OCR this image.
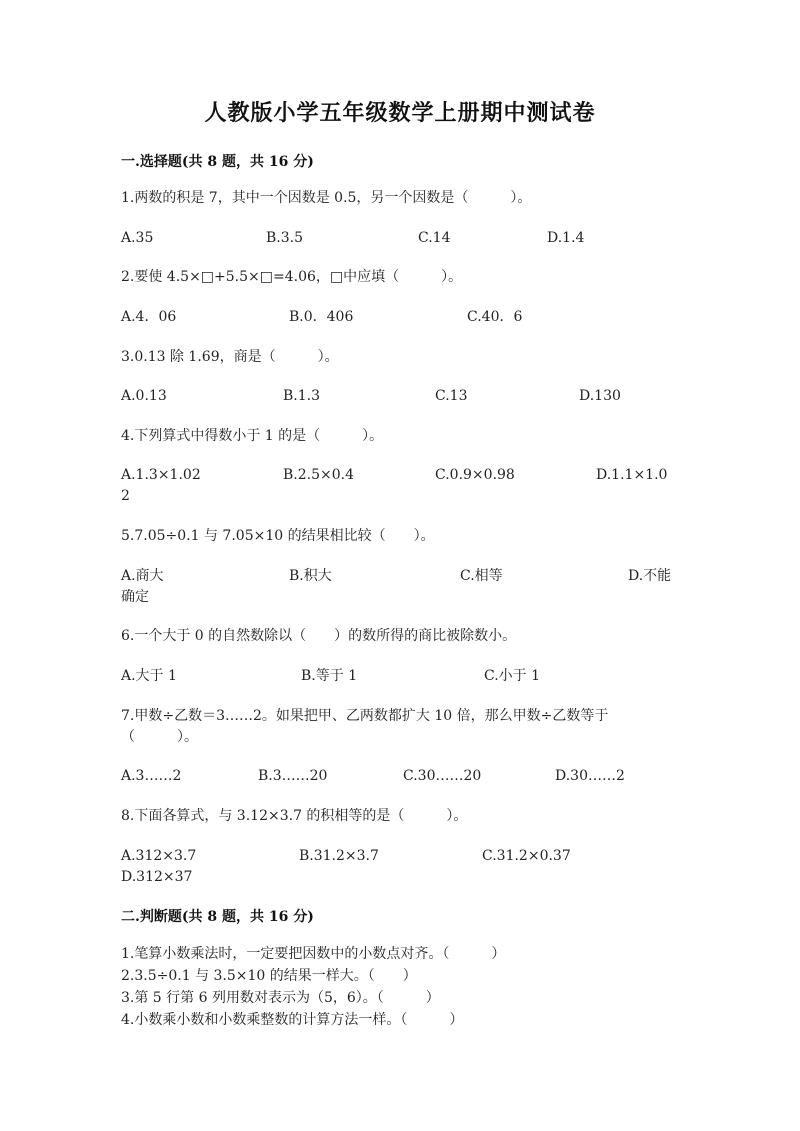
人教版小学五年级数学上册期中测试卷
一.选择题(共 8 题，共 16 分)
1.两数的积是 7，其中一个因数是 0.5，另一个因数是（　　　）。
A.35	B.3.5	C.14	D.1.4
2.要使 4.5×□+5.5×□=4.06，□中应填（　　　）。
A.4．06	B.0．406	C.40．6
3.0.13 除 1.69，商是（　　　）。
A.0.13	B.1.3	C.13	D.130
4.下列算式中得数小于 1 的是（　　　）。
A.1.3×1.02	B.2.5×0.4	C.0.9×0.98	D.1.1×1.0
2
5.7.05÷0.1 与 7.05×10 的结果相比较（　　）。
A.商大	B.积大	C.相等	D.不能
确定
6.一个大于 0 的自然数除以（　　）的数所得的商比被除数小。
A.大于 1	B.等于 1	C.小于 1
7.甲数÷乙数＝3……2。如果把甲、乙两数都扩大 10 倍，那么甲数÷乙数等于
（　　　）。
A.3……2	B.3……20	C.30……20	D.30……2
8.下面各算式，与 3.12×3.7 的积相等的是（　　　）。
A.312×3.7	B.31.2×3.7	C.31.2×0.37
D.312×37
二.判断题(共 8 题，共 16 分)
1.笔算小数乘法时，一定要把因数中的小数点对齐。（　　　）
2.3.5÷0.1 与 3.5×10 的结果一样大。（　　）
3.第 5 行第 6 列用数对表示为（5，6）。（　　　）
4.小数乘小数和小数乘整数的计算方法一样。（　　　）
